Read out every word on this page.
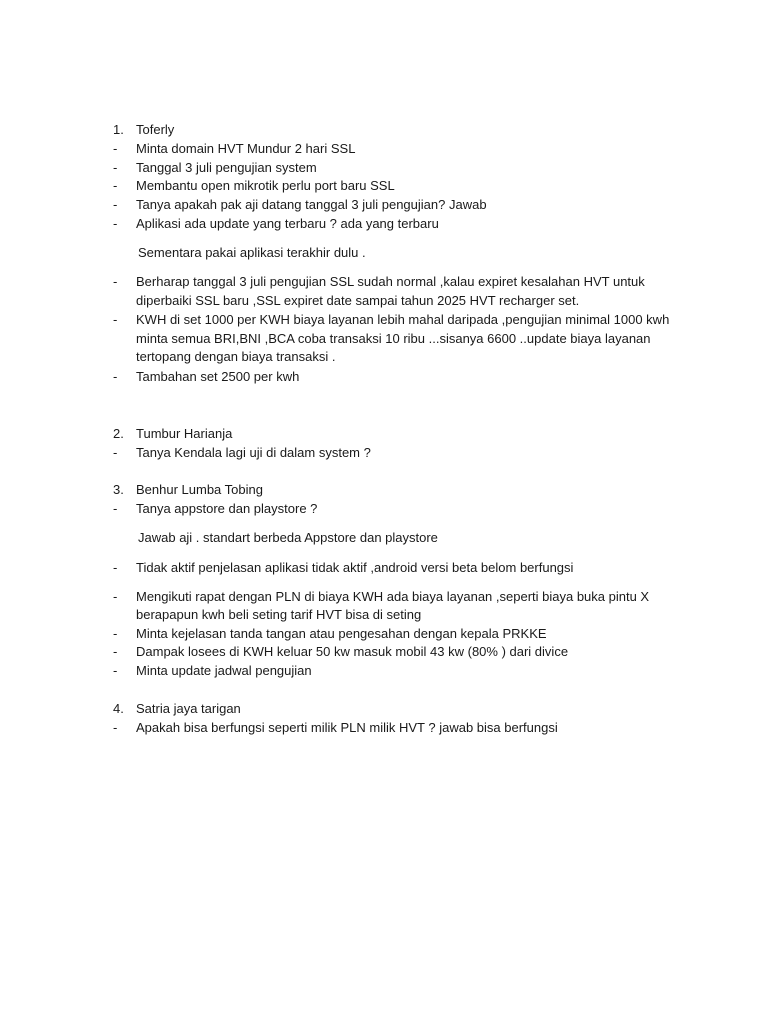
1. Toferly
- Minta domain HVT Mundur 2 hari SSL
- Tanggal 3 juli pengujian system
- Membantu open mikrotik perlu port baru SSL
- Tanya apakah pak aji datang tanggal 3 juli pengujian? Jawab
- Aplikasi ada update yang terbaru ? ada yang terbaru
Sementara pakai aplikasi terakhir dulu .
- Berharap tanggal 3 juli pengujian SSL sudah normal ,kalau expiret kesalahan HVT untuk
diperbaiki SSL baru ,SSL expiret date sampai tahun 2025 HVT recharger set.
- KWH di set 1000 per KWH biaya layanan lebih mahal daripada ,pengujian minimal 1000 kwh
minta semua BRI,BNI ,BCA coba transaksi 10 ribu ...sisanya 6600 ..update biaya layanan
tertopang dengan biaya transaksi .
- Tambahan set 2500 per kwh
2. Tumbur Harianja
- Tanya Kendala lagi uji di dalam system ?
3. Benhur Lumba Tobing
- Tanya appstore dan playstore ?
Jawab aji . standart berbeda Appstore dan playstore
- Tidak aktif penjelasan aplikasi tidak aktif ,android versi beta belom berfungsi
- Mengikuti rapat dengan PLN di biaya KWH ada biaya layanan ,seperti biaya buka pintu X
berapapun kwh beli seting tarif HVT bisa di seting
- Minta kejelasan tanda tangan atau pengesahan dengan kepala PRKKE
- Dampak losees di KWH keluar 50 kw masuk mobil 43 kw (80% ) dari divice
- Minta update jadwal pengujian
4. Satria jaya tarigan
- Apakah bisa berfungsi seperti milik PLN milik HVT ? jawab bisa berfungsi
